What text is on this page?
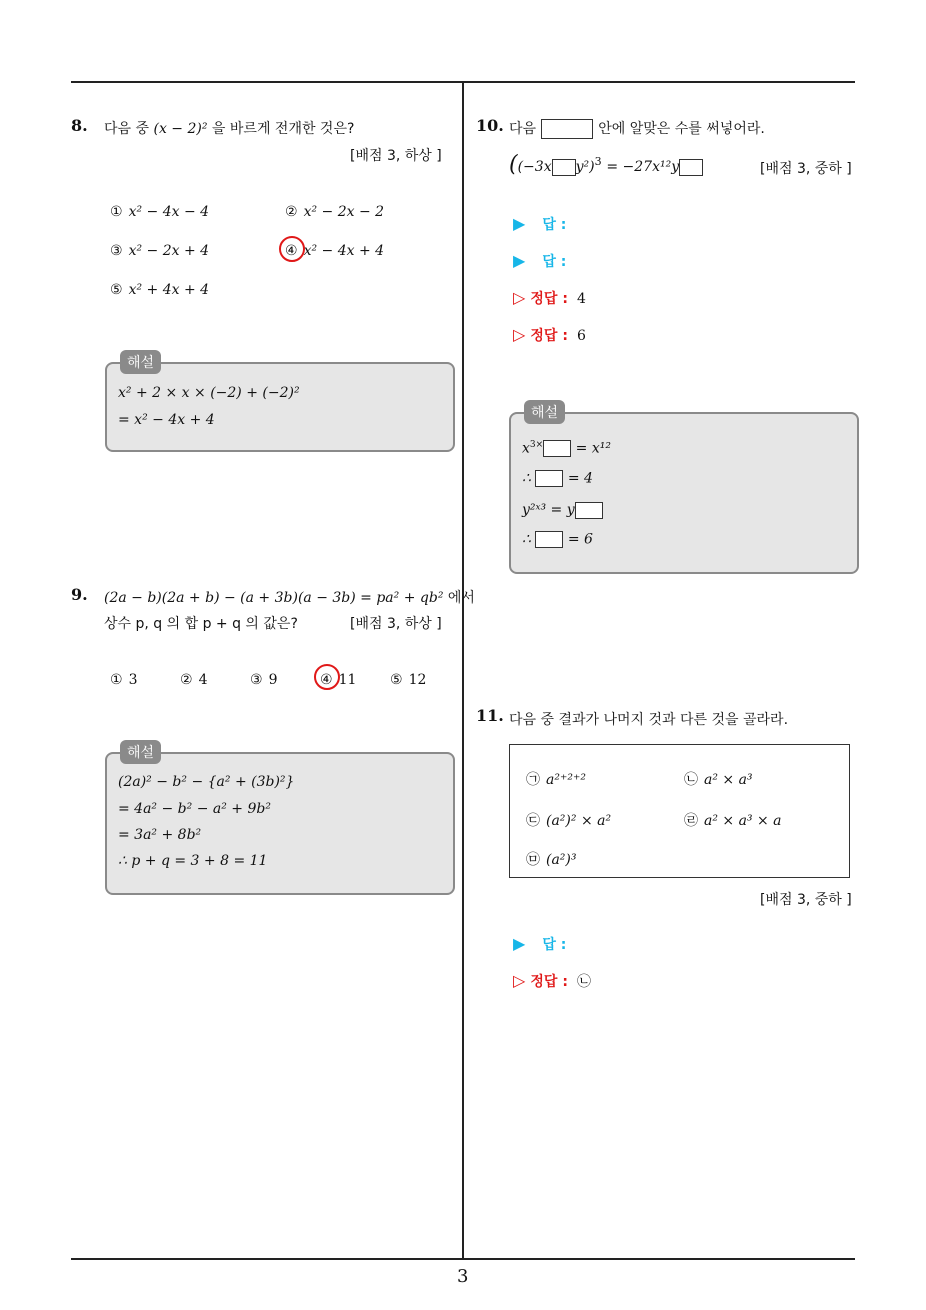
3
8. 다음 중 (x − 2)² 을 바르게 전개한 것은?
[배점 3, 하상 ]
① x² − 4x − 4	② x² − 2x − 2
③ x² − 2x + 4	④ x² − 4x + 4
⑤ x² + 4x + 4
해설
x² + 2 × x × (−2) + (−2)²
= x² − 4x + 4
9. (2a − b)(2a + b) − (a + 3b)(a − 3b) = pa² + qb² 에서
상수 p, q 의 합 p + q 의 값은?	[배점 3, 하상 ]
① 3	② 4	③ 9	④ 11 ⑤ 12
해설
(2a)² − b² − {a² + (3b)²}
= 4a² − b² − a² + 9b²
= 3a² + 8b²
∴ p + q = 3 + 8 = 11
10. 다음	안에 알맞은 수를 써넣어라.
((−3x y²)$^3$ = −27x¹²y	[배점 3, 중하 ]
▶ 답 :
▶ 답 :
▷ 정답 : 4
▷ 정답 : 6
해설
$x^{3\times} = x^{12}$
∴	= 4
y²ˣ³ = y
∴	= 6
11. 다음 중 결과가 나머지 것과 다른 것을 골라라.
㉠ a²⁺²⁺²	㉡ a² × a³
㉢ (a²)² × a²	㉣ a² × a³ × a
㉤ (a²)³
[배점 3, 중하 ]
▶ 답 :
▷ 정답 : ㉡
